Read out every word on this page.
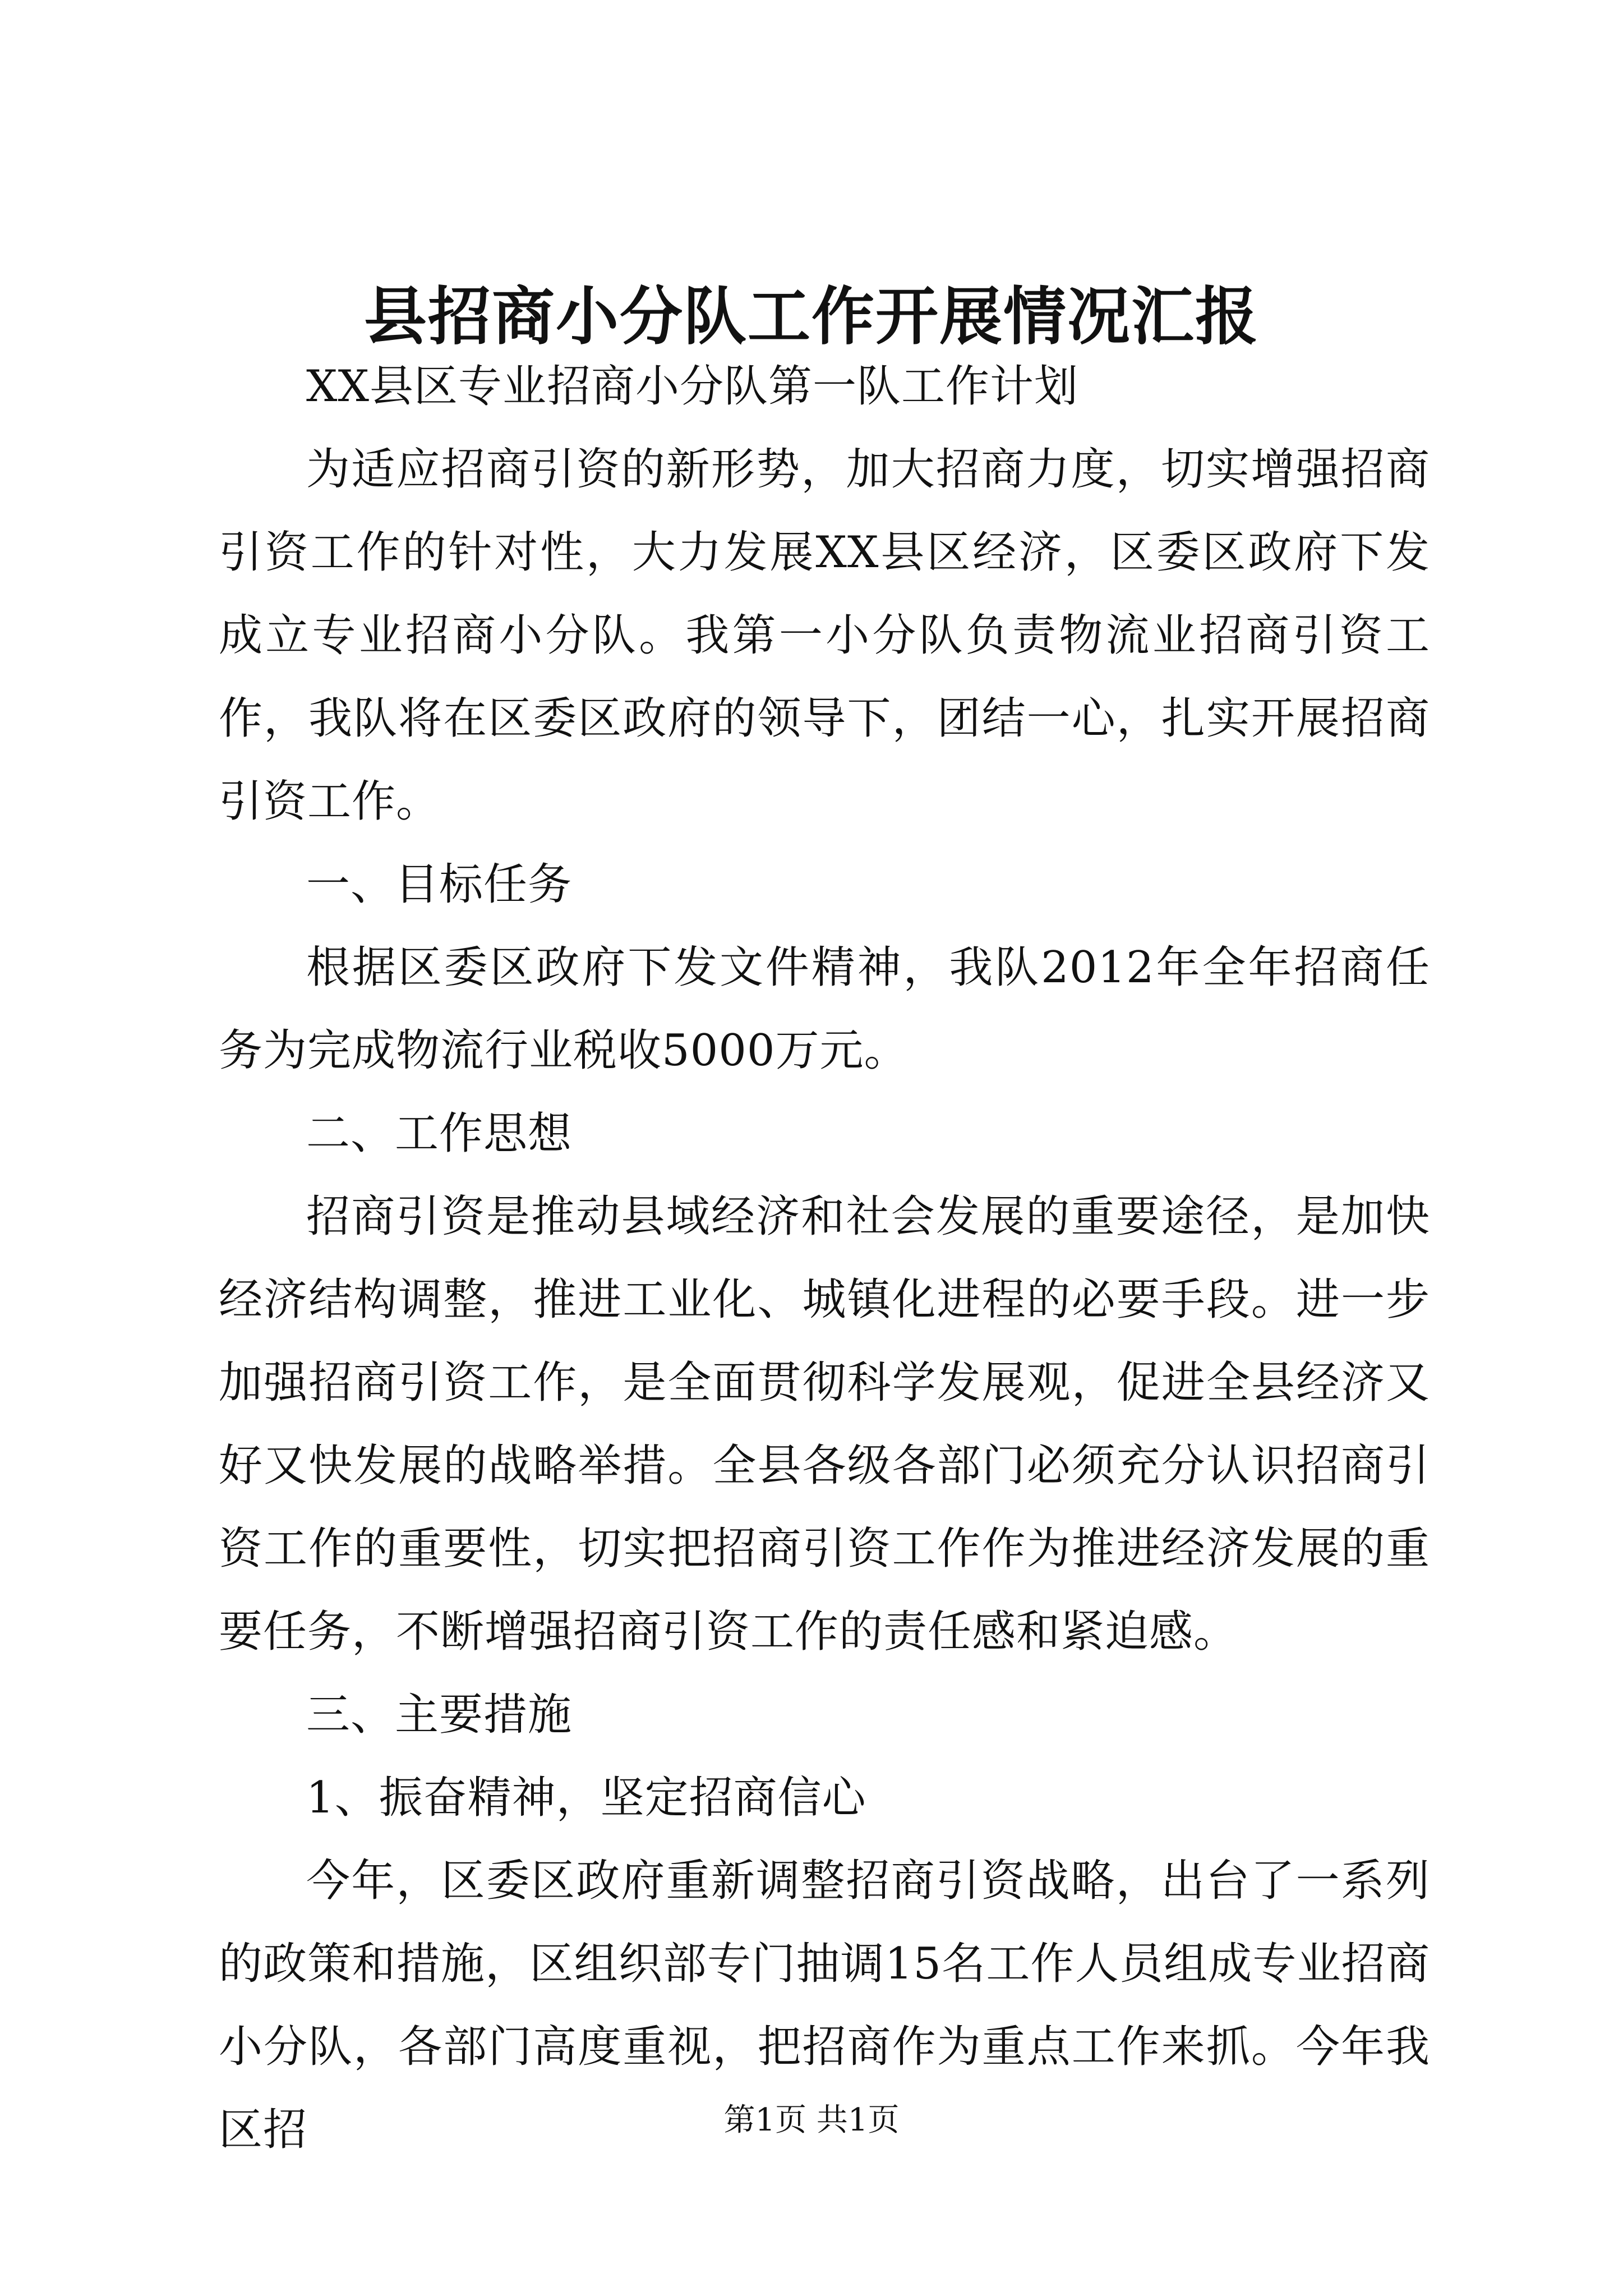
县招商小分队工作开展情况汇报

XX县区专业招商小分队第一队工作计划

为适应招商引资的新形势，加大招商力度，切实增强招商引资工作的针对性，大力发展XX县区经济，区委区政府下发成立专业招商小分队。我第一小分队负责物流业招商引资工作，我队将在区委区政府的领导下，团结一心，扎实开展招商引资工作。

一、目标任务

根据区委区政府下发文件精神，我队2012年全年招商任务为完成物流行业税收5000万元。

二、工作思想

招商引资是推动县域经济和社会发展的重要途径，是加快经济结构调整，推进工业化、城镇化进程的必要手段。进一步加强招商引资工作，是全面贯彻科学发展观，促进全县经济又好又快发展的战略举措。全县各级各部门必须充分认识招商引资工作的重要性，切实把招商引资工作作为推进经济发展的重要任务，不断增强招商引资工作的责任感和紧迫感。

三、主要措施

1、振奋精神，坚定招商信心

今年，区委区政府重新调整招商引资战略，出台了一系列的政策和措施，区组织部专门抽调15名工作人员组成专业招商小分队，各部门高度重视，把招商作为重点工作来抓。今年我区招	第1页 共1页
